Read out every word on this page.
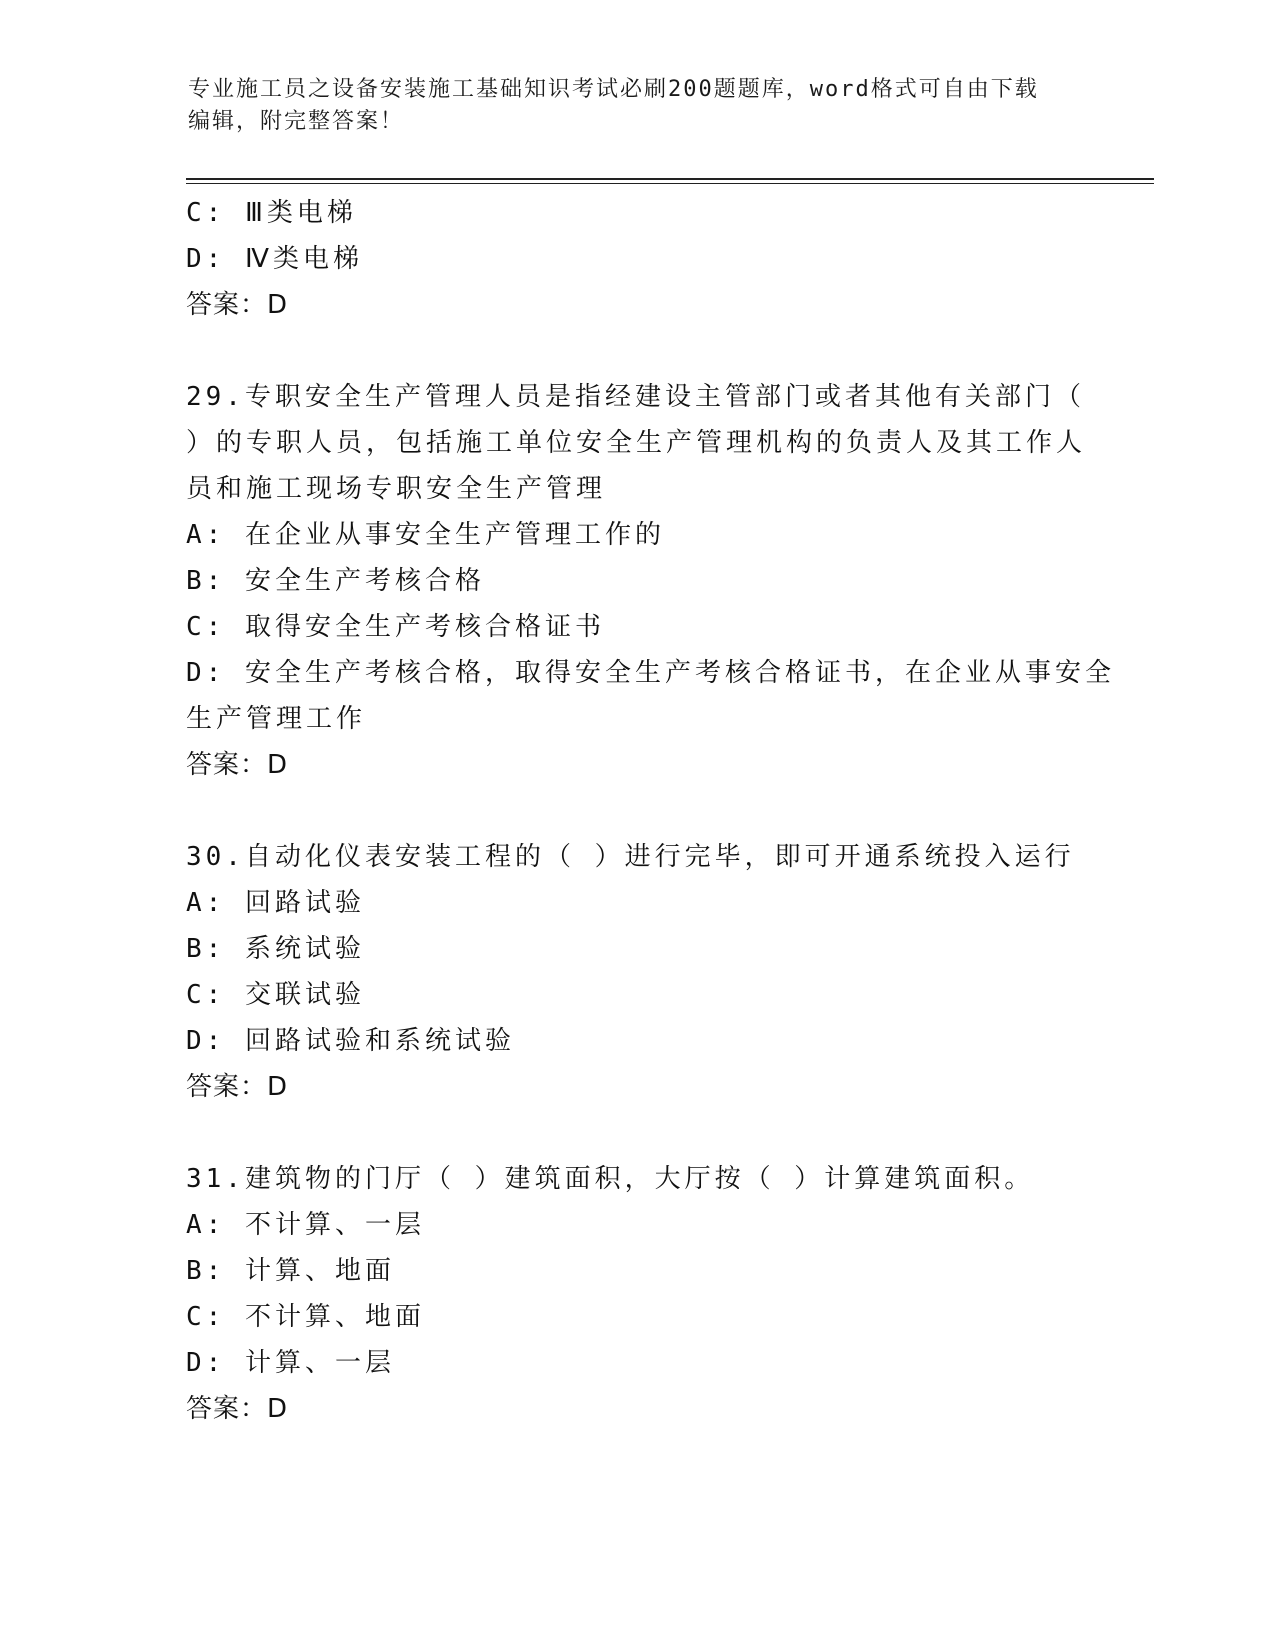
专业施工员之设备安装施工基础知识考试必刷200题题库，word格式可自由下载
编辑，附完整答案！
C: Ⅲ类电梯
D: Ⅳ类电梯
答案：D
29.专职安全生产管理人员是指经建设主管部门或者其他有关部门（
）的专职人员，包括施工单位安全生产管理机构的负责人及其工作人
员和施工现场专职安全生产管理
A: 在企业从事安全生产管理工作的
B: 安全生产考核合格
C: 取得安全生产考核合格证书
D: 安全生产考核合格，取得安全生产考核合格证书，在企业从事安全
生产管理工作
答案：D
30.自动化仪表安装工程的（ ）进行完毕，即可开通系统投入运行
A: 回路试验
B: 系统试验
C: 交联试验
D: 回路试验和系统试验
答案：D
31.建筑物的门厅（ ）建筑面积，大厅按（ ）计算建筑面积。
A: 不计算、一层
B: 计算、地面
C: 不计算、地面
D: 计算、一层
答案：D
